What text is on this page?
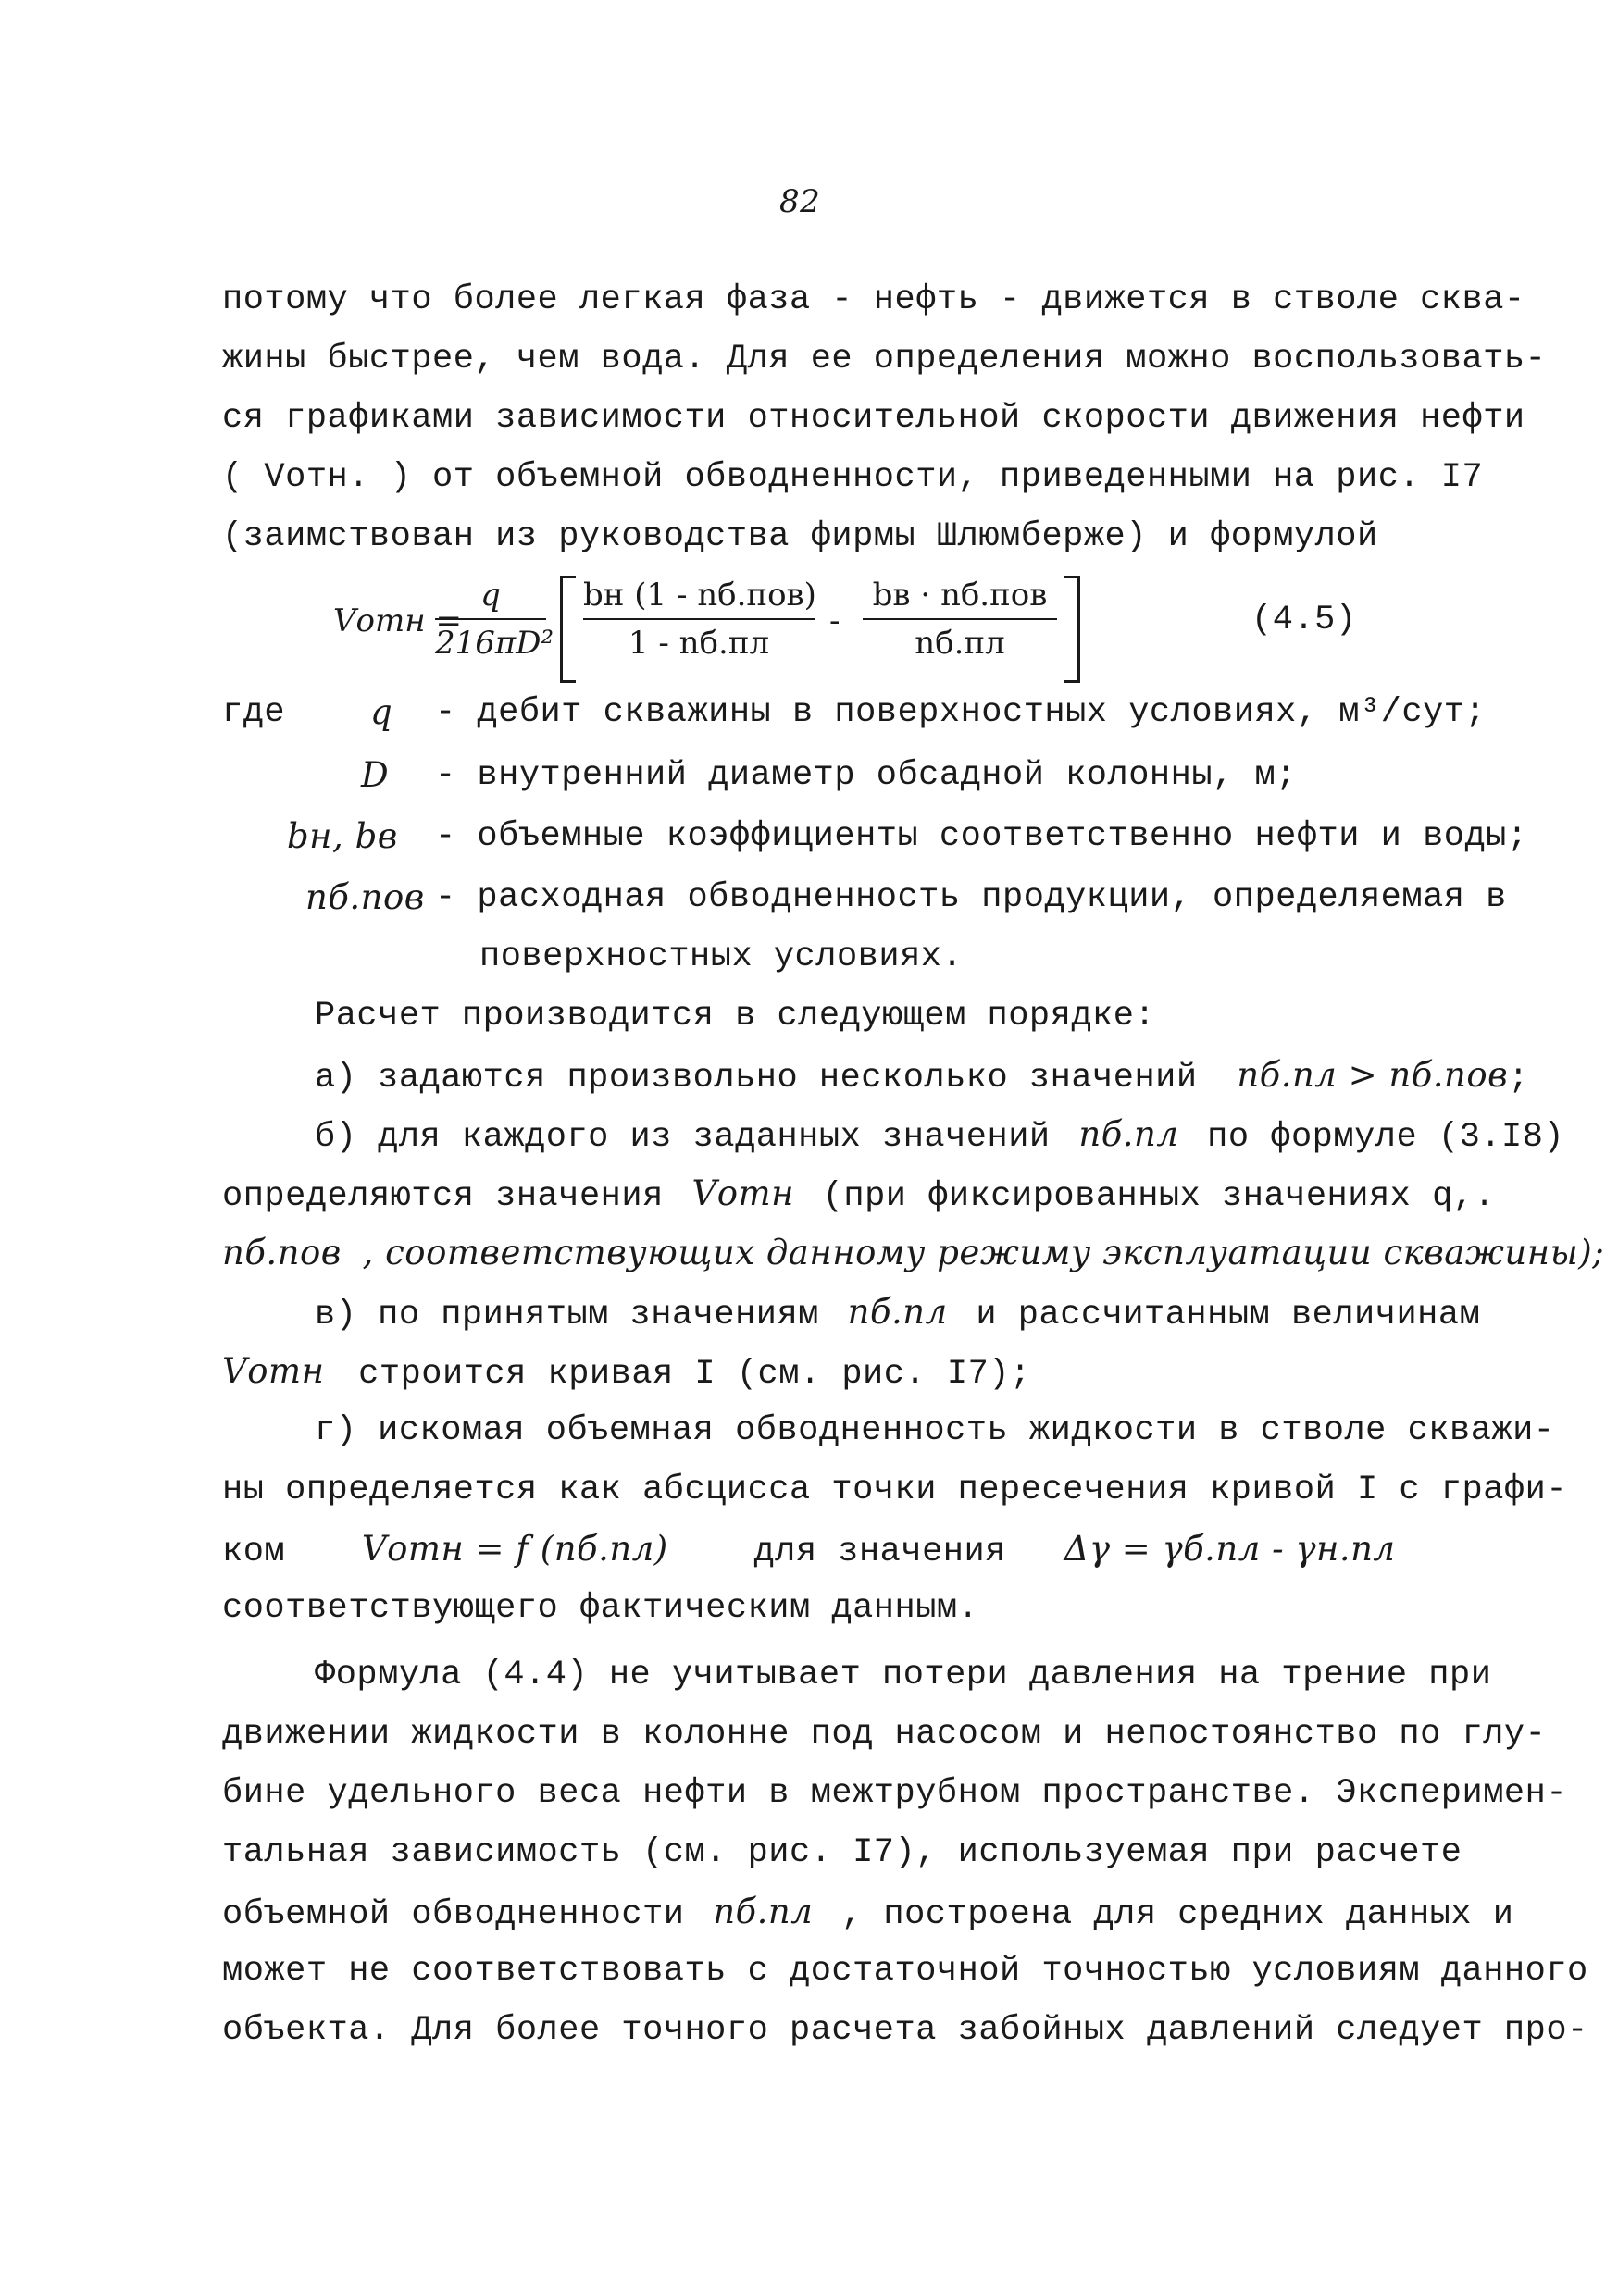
82
потому что более легкая фаза - нефть - движется в стволе сква-
жины быстрее, чем вода. Для ее определения можно воспользовать-
ся графиками зависимости относительной скорости движения нефти
( Vотн. ) от объемной обводненности, приведенными на рис. I7
(заимствован из руководства фирмы Шлюмберже) и формулой
Vотн =
q
216πD²
bн (1 - nб.пов)
1 - nб.пл
-
bв · nб.пов
nб.пл
(4.5)
где q - дебит скважины в поверхностных условиях, м³/сут;
D - внутренний диаметр обсадной колонны, м;
bн, bв - объемные коэффициенты соответственно нефти и воды;
nб.пов - расходная обводненность продукции, определяемая в
поверхностных условиях.
Расчет производится в следующем порядке:
а) задаются произвольно несколько значений nб.пл > nб.пов;
б) для каждого из заданных значений nб.пл по формуле (3.I8)
определяются значения Vотн (при фиксированных значениях q,.
nб.пов , соответствующих данному режиму эксплуатации скважины);
в) по принятым значениям nб.пл и рассчитанным величинам
Vотн строится кривая I (см. рис. I7);
г) искомая объемная обводненность жидкости в стволе скважи-
ны определяется как абсцисса точки пересечения кривой I с графи-
ком Vотн = f (nб.пл)	для значения Δγ = γб.пл - γн.пл
соответствующего фактическим данным.
Формула (4.4) не учитывает потери давления на трение при
движении жидкости в колонне под насосом и непостоянство по глу-
бине удельного веса нефти в межтрубном пространстве. Эксперимен-
тальная зависимость (см. рис. I7), используемая при расчете
объемной обводненности nб.пл , построена для средних данных и
может не соответствовать с достаточной точностью условиям данного
объекта. Для более точного расчета забойных давлений следует про-
